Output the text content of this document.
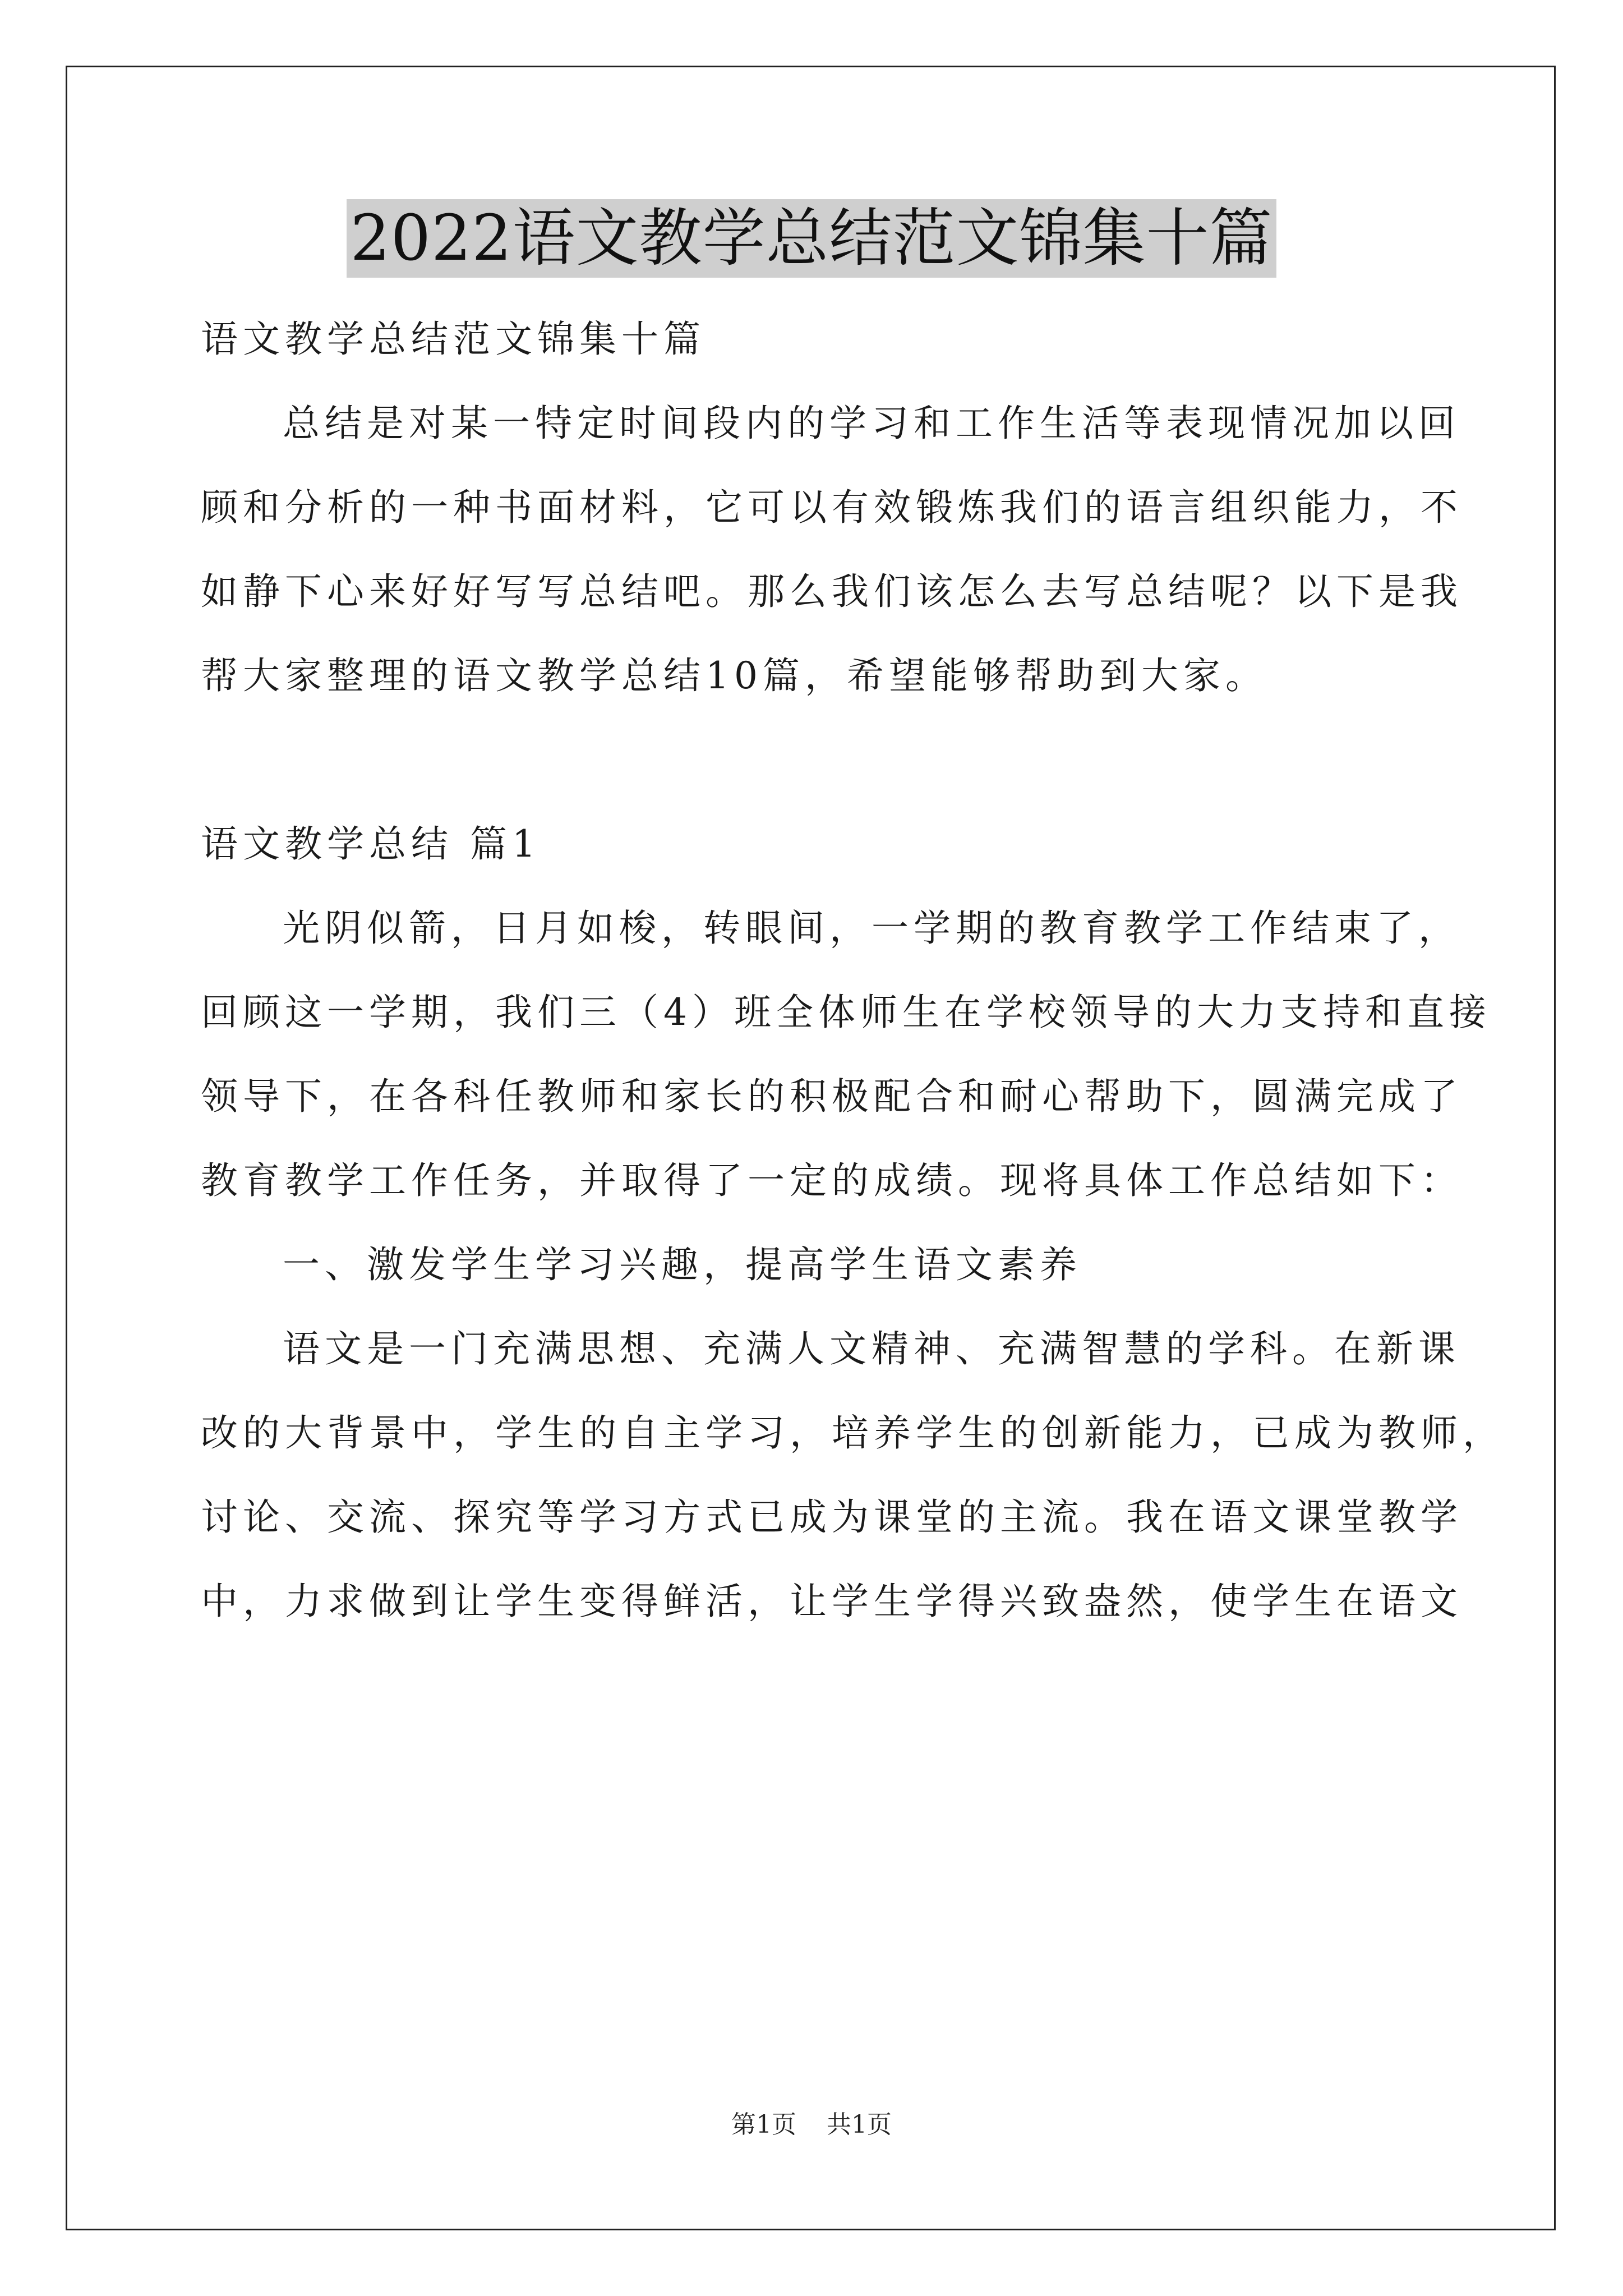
2022语文教学总结范文锦集十篇
语文教学总结范文锦集十篇
总结是对某一特定时间段内的学习和工作生活等表现情况加以回
顾和分析的一种书面材料，它可以有效锻炼我们的语言组织能力，不
如静下心来好好写写总结吧。那么我们该怎么去写总结呢？以下是我
帮大家整理的语文教学总结10篇，希望能够帮助到大家。
语文教学总结 篇1
光阴似箭，日月如梭，转眼间，一学期的教育教学工作结束了，
回顾这一学期，我们三（4）班全体师生在学校领导的大力支持和直接
领导下，在各科任教师和家长的积极配合和耐心帮助下，圆满完成了
教育教学工作任务，并取得了一定的成绩。现将具体工作总结如下：
一、激发学生学习兴趣，提高学生语文素养
语文是一门充满思想、充满人文精神、充满智慧的学科。在新课
改的大背景中，学生的自主学习，培养学生的创新能力，已成为教师，
讨论、交流、探究等学习方式已成为课堂的主流。我在语文课堂教学
中，力求做到让学生变得鲜活，让学生学得兴致盎然，使学生在语文
第1页 共1页
